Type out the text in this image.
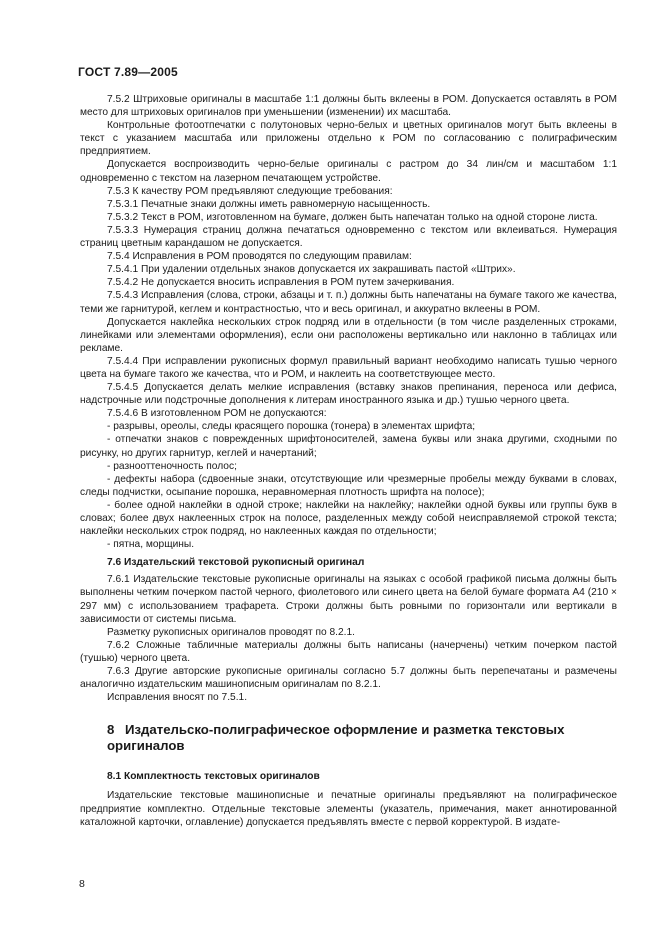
ГОСТ 7.89—2005

7.5.2 Штриховые оригиналы в масштабе 1:1 должны быть вклеены в РОМ. Допускается оставлять в РОМ место для штриховых оригиналов при уменьшении (изменении) их масштаба.

Контрольные фотоотпечатки с полутоновых черно-белых и цветных оригиналов могут быть вклеены в текст с указанием масштаба или приложены отдельно к РОМ по согласованию с полиграфическим предприятием.

Допускается воспроизводить черно-белые оригиналы с растром до 34 лин/см и масштабом 1:1 одновременно с текстом на лазерном печатающем устройстве.

7.5.3 К качеству РОМ предъявляют следующие требования:

7.5.3.1 Печатные знаки должны иметь равномерную насыщенность.

7.5.3.2 Текст в РОМ, изготовленном на бумаге, должен быть напечатан только на одной стороне листа.

7.5.3.3 Нумерация страниц должна печататься одновременно с текстом или вклеиваться. Нумерация страниц цветным карандашом не допускается.

7.5.4 Исправления в РОМ проводятся по следующим правилам:

7.5.4.1 При удалении отдельных знаков допускается их закрашивать пастой «Штрих».

7.5.4.2 Не допускается вносить исправления в РОМ путем зачеркивания.

7.5.4.3 Исправления (слова, строки, абзацы и т. п.) должны быть напечатаны на бумаге такого же качества, теми же гарнитурой, кеглем и контрастностью, что и весь оригинал, и аккуратно вклеены в РОМ.

Допускается наклейка нескольких строк подряд или в отдельности (в том числе разделенных строками, линейками или элементами оформления), если они расположены вертикально или наклонно в таблицах или рекламе.

7.5.4.4 При исправлении рукописных формул правильный вариант необходимо написать тушью черного цвета на бумаге такого же качества, что и РОМ, и наклеить на соответствующее место.

7.5.4.5 Допускается делать мелкие исправления (вставку знаков препинания, переноса или дефиса, надстрочные или подстрочные дополнения к литерам иностранного языка и др.) тушью черного цвета.

7.5.4.6 В изготовленном РОМ не допускаются:

- разрывы, ореолы, следы красящего порошка (тонера) в элементах шрифта;

- отпечатки знаков с поврежденных шрифтоносителей, замена буквы или знака другими, сходными по рисунку, но других гарнитур, кеглей и начертаний;

- разнооттеночность полос;

- дефекты набора (сдвоенные знаки, отсутствующие или чрезмерные пробелы между буквами в словах, следы подчистки, осыпание порошка, неравномерная плотность шрифта на полосе);

- более одной наклейки в одной строке; наклейки на наклейку; наклейки одной буквы или группы букв в словах; более двух наклеенных строк на полосе, разделенных между собой неисправляемой строкой текста; наклейки нескольких строк подряд, но наклеенных каждая по отдельности;

- пятна, морщины.

7.6 Издательский текстовой рукописный оригинал

7.6.1 Издательские текстовые рукописные оригиналы на языках с особой графикой письма должны быть выполнены четким почерком пастой черного, фиолетового или синего цвета на белой бумаге формата А4 (210 × 297 мм) с использованием трафарета. Строки должны быть ровными по горизонтали или вертикали в зависимости от системы письма.

Разметку рукописных оригиналов проводят по 8.2.1.

7.6.2 Сложные табличные материалы должны быть написаны (начерчены) четким почерком пастой (тушью) черного цвета.

7.6.3 Другие авторские рукописные оригиналы согласно 5.7 должны быть перепечатаны и размечены аналогично издательским машинописным оригиналам по 8.2.1.

Исправления вносят по 7.5.1.

8 Издательско-полиграфическое оформление и разметка текстовых оригиналов
8.1 Комплектность текстовых оригиналов

Издательские текстовые машинописные и печатные оригиналы предъявляют на полиграфическое предприятие комплектно. Отдельные текстовые элементы (указатель, примечания, макет аннотированной каталожной карточки, оглавление) допускается предъявлять вместе с первой корректурой. В издате-

8
